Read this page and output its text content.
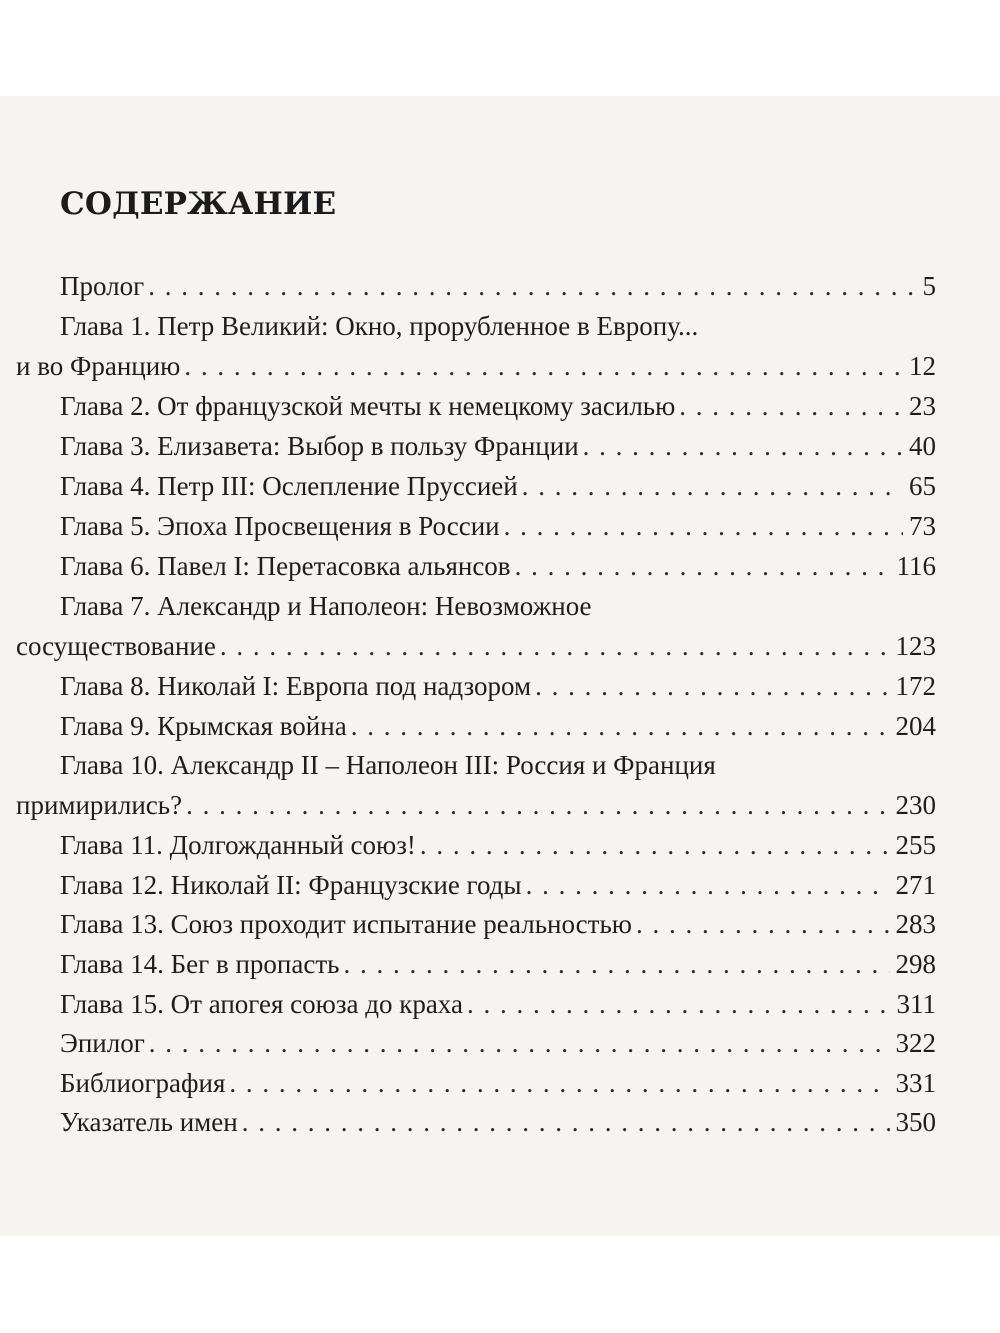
СОДЕРЖАНИЕ
Пролог . . .	5
Глава 1. Петр Великий: Окно, прорубленное в Европу...
и во Францию . . .	12
Глава 2. От французской мечты к немецкому засилью . . .	23
Глава 3. Елизавета: Выбор в пользу Франции . . .	40
Глава 4. Петр III: Ослепление Пруссией . . .	65
Глава 5. Эпоха Просвещения в России . . .	73
Глава 6. Павел I: Перетасовка альянсов . . .	116
Глава 7. Александр и Наполеон: Невозможное
сосуществование . . .	123
Глава 8. Николай I: Европа под надзором . . .	172
Глава 9. Крымская война . . .	204
Глава 10. Александр II – Наполеон III: Россия и Франция
примирились? . . .	230
Глава 11. Долгожданный союз! . . .	255
Глава 12. Николай II: Французские годы . . .	271
Глава 13. Союз проходит испытание реальностью . . .	283
Глава 14. Бег в пропасть . . .	298
Глава 15. От апогея союза до краха . . .	311
Эпилог . . .	322
Библиография . . .	331
Указатель имен . . .	350
